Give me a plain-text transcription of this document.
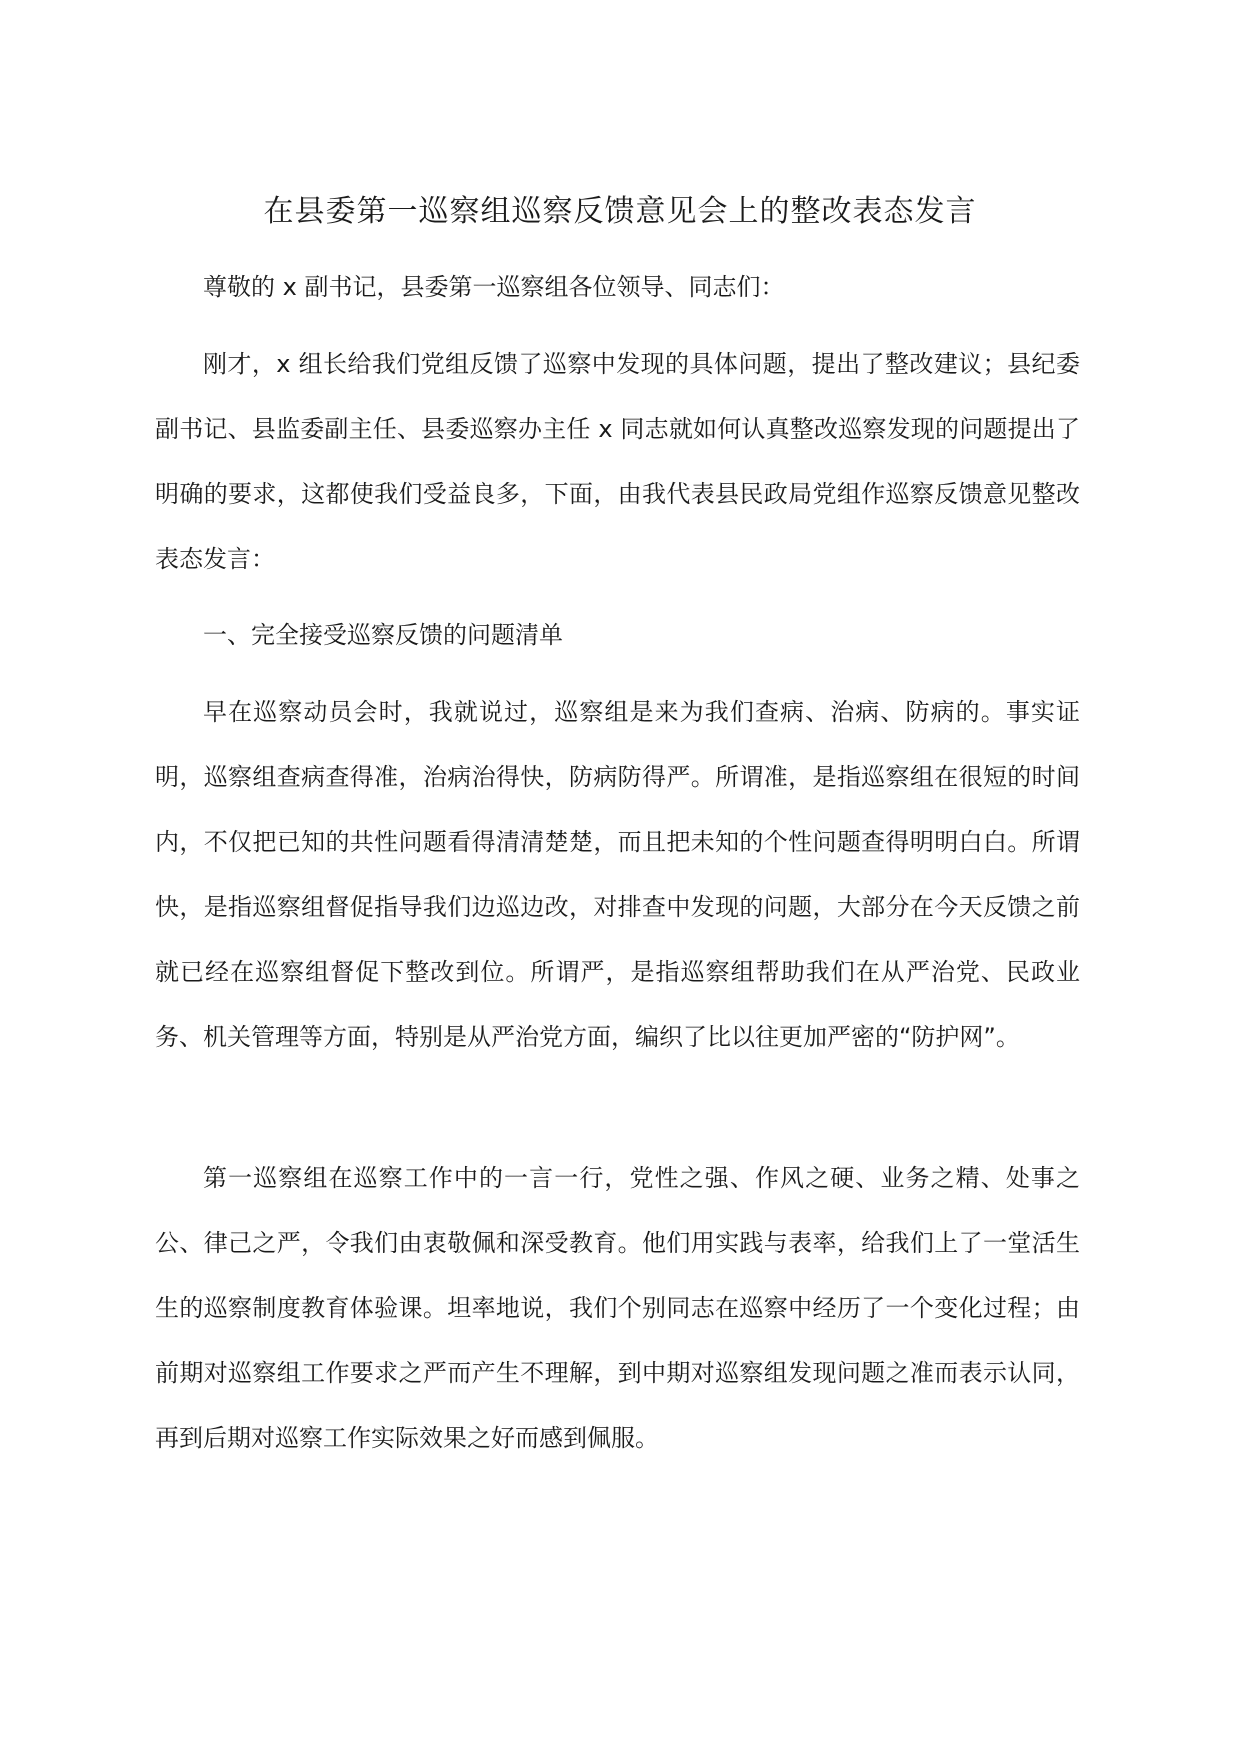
在县委第一巡察组巡察反馈意见会上的整改表态发言

尊敬的 x 副书记，县委第一巡察组各位领导、同志们：

刚才，x 组长给我们党组反馈了巡察中发现的具体问题，提出了整改建议；县纪委副书记、县监委副主任、县委巡察办主任 x 同志就如何认真整改巡察发现的问题提出了明确的要求，这都使我们受益良多，下面，由我代表县民政局党组作巡察反馈意见整改表态发言：

一、完全接受巡察反馈的问题清单

早在巡察动员会时，我就说过，巡察组是来为我们查病、治病、防病的。事实证明，巡察组查病查得准，治病治得快，防病防得严。所谓准，是指巡察组在很短的时间内，不仅把已知的共性问题看得清清楚楚，而且把未知的个性问题查得明明白白。所谓快，是指巡察组督促指导我们边巡边改，对排查中发现的问题，大部分在今天反馈之前就已经在巡察组督促下整改到位。所谓严，是指巡察组帮助我们在从严治党、民政业务、机关管理等方面，特别是从严治党方面，编织了比以往更加严密的“防护网”。

第一巡察组在巡察工作中的一言一行，党性之强、作风之硬、业务之精、处事之公、律己之严，令我们由衷敬佩和深受教育。他们用实践与表率，给我们上了一堂活生生的巡察制度教育体验课。坦率地说，我们个别同志在巡察中经历了一个变化过程；由前期对巡察组工作要求之严而产生不理解，到中期对巡察组发现问题之准而表示认同，再到后期对巡察工作实际效果之好而感到佩服。
